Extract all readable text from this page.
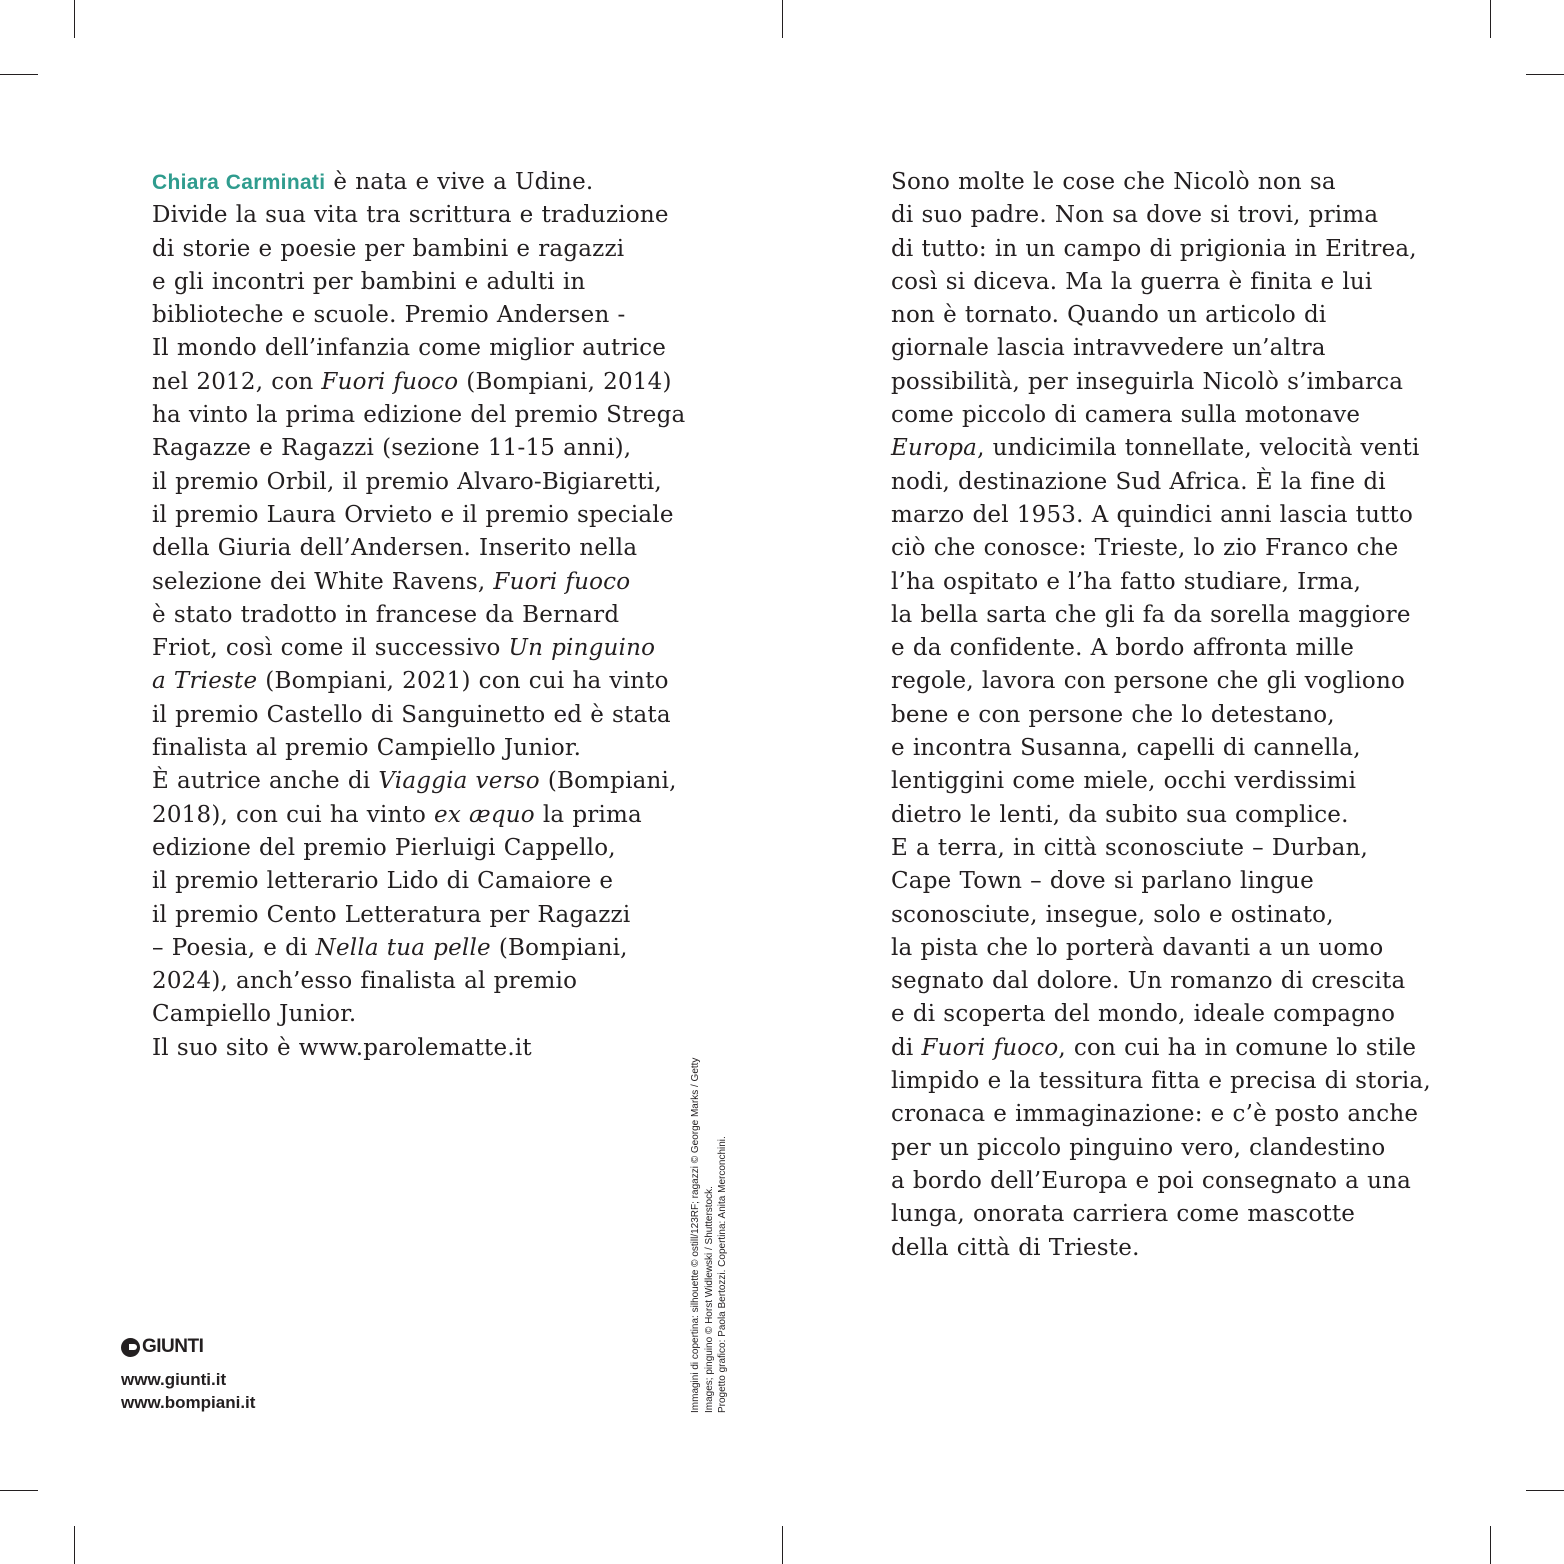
Chiara Carminati è nata e vive a Udine.
Divide la sua vita tra scrittura e traduzione
di storie e poesie per bambini e ragazzi
e gli incontri per bambini e adulti in
biblioteche e scuole. Premio Andersen -
Il mondo dell’infanzia come miglior autrice
nel 2012, con Fuori fuoco (Bompiani, 2014)
ha vinto la prima edizione del premio Strega
Ragazze e Ragazzi (sezione 11-15 anni),
il premio Orbil, il premio Alvaro-Bigiaretti,
il premio Laura Orvieto e il premio speciale
della Giuria dell’Andersen. Inserito nella
selezione dei White Ravens, Fuori fuoco
è stato tradotto in francese da Bernard
Friot, così come il successivo Un pinguino
a Trieste (Bompiani, 2021) con cui ha vinto
il premio Castello di Sanguinetto ed è stata
finalista al premio Campiello Junior.
È autrice anche di Viaggia verso (Bompiani,
2018), con cui ha vinto ex æquo la prima
edizione del premio Pierluigi Cappello,
il premio letterario Lido di Camaiore e
il premio Cento Letteratura per Ragazzi
– Poesia, e di Nella tua pelle (Bompiani,
2024), anch’esso finalista al premio
Campiello Junior.
Il suo sito è www.parolematte.it
Sono molte le cose che Nicolò non sa
di suo padre. Non sa dove si trovi, prima
di tutto: in un campo di prigionia in Eritrea,
così si diceva. Ma la guerra è finita e lui
non è tornato. Quando un articolo di
giornale lascia intravvedere un’altra
possibilità, per inseguirla Nicolò s’imbarca
come piccolo di camera sulla motonave
Europa, undicimila tonnellate, velocità venti
nodi, destinazione Sud Africa. È la fine di
marzo del 1953. A quindici anni lascia tutto
ciò che conosce: Trieste, lo zio Franco che
l’ha ospitato e l’ha fatto studiare, Irma,
la bella sarta che gli fa da sorella maggiore
e da confidente. A bordo affronta mille
regole, lavora con persone che gli vogliono
bene e con persone che lo detestano,
e incontra Susanna, capelli di cannella,
lentiggini come miele, occhi verdissimi
dietro le lenti, da subito sua complice.
E a terra, in città sconosciute – Durban,
Cape Town – dove si parlano lingue
sconosciute, insegue, solo e ostinato,
la pista che lo porterà davanti a un uomo
segnato dal dolore. Un romanzo di crescita
e di scoperta del mondo, ideale compagno
di Fuori fuoco, con cui ha in comune lo stile
limpido e la tessitura fitta e precisa di storia,
cronaca e immaginazione: e c’è posto anche
per un piccolo pinguino vero, clandestino
a bordo dell’Europa e poi consegnato a una
lunga, onorata carriera come mascotte
della città di Trieste.
Immagini di copertina: silhouette © ostill/123RF; ragazzi © George Marks / Getty Images; pinguino © Horst Widlewski / Shutterstock. Progetto grafico: Paola Bertozzi. Copertina: Anita Merconchini.
GIUNTI
www.giunti.it
www.bompiani.it
